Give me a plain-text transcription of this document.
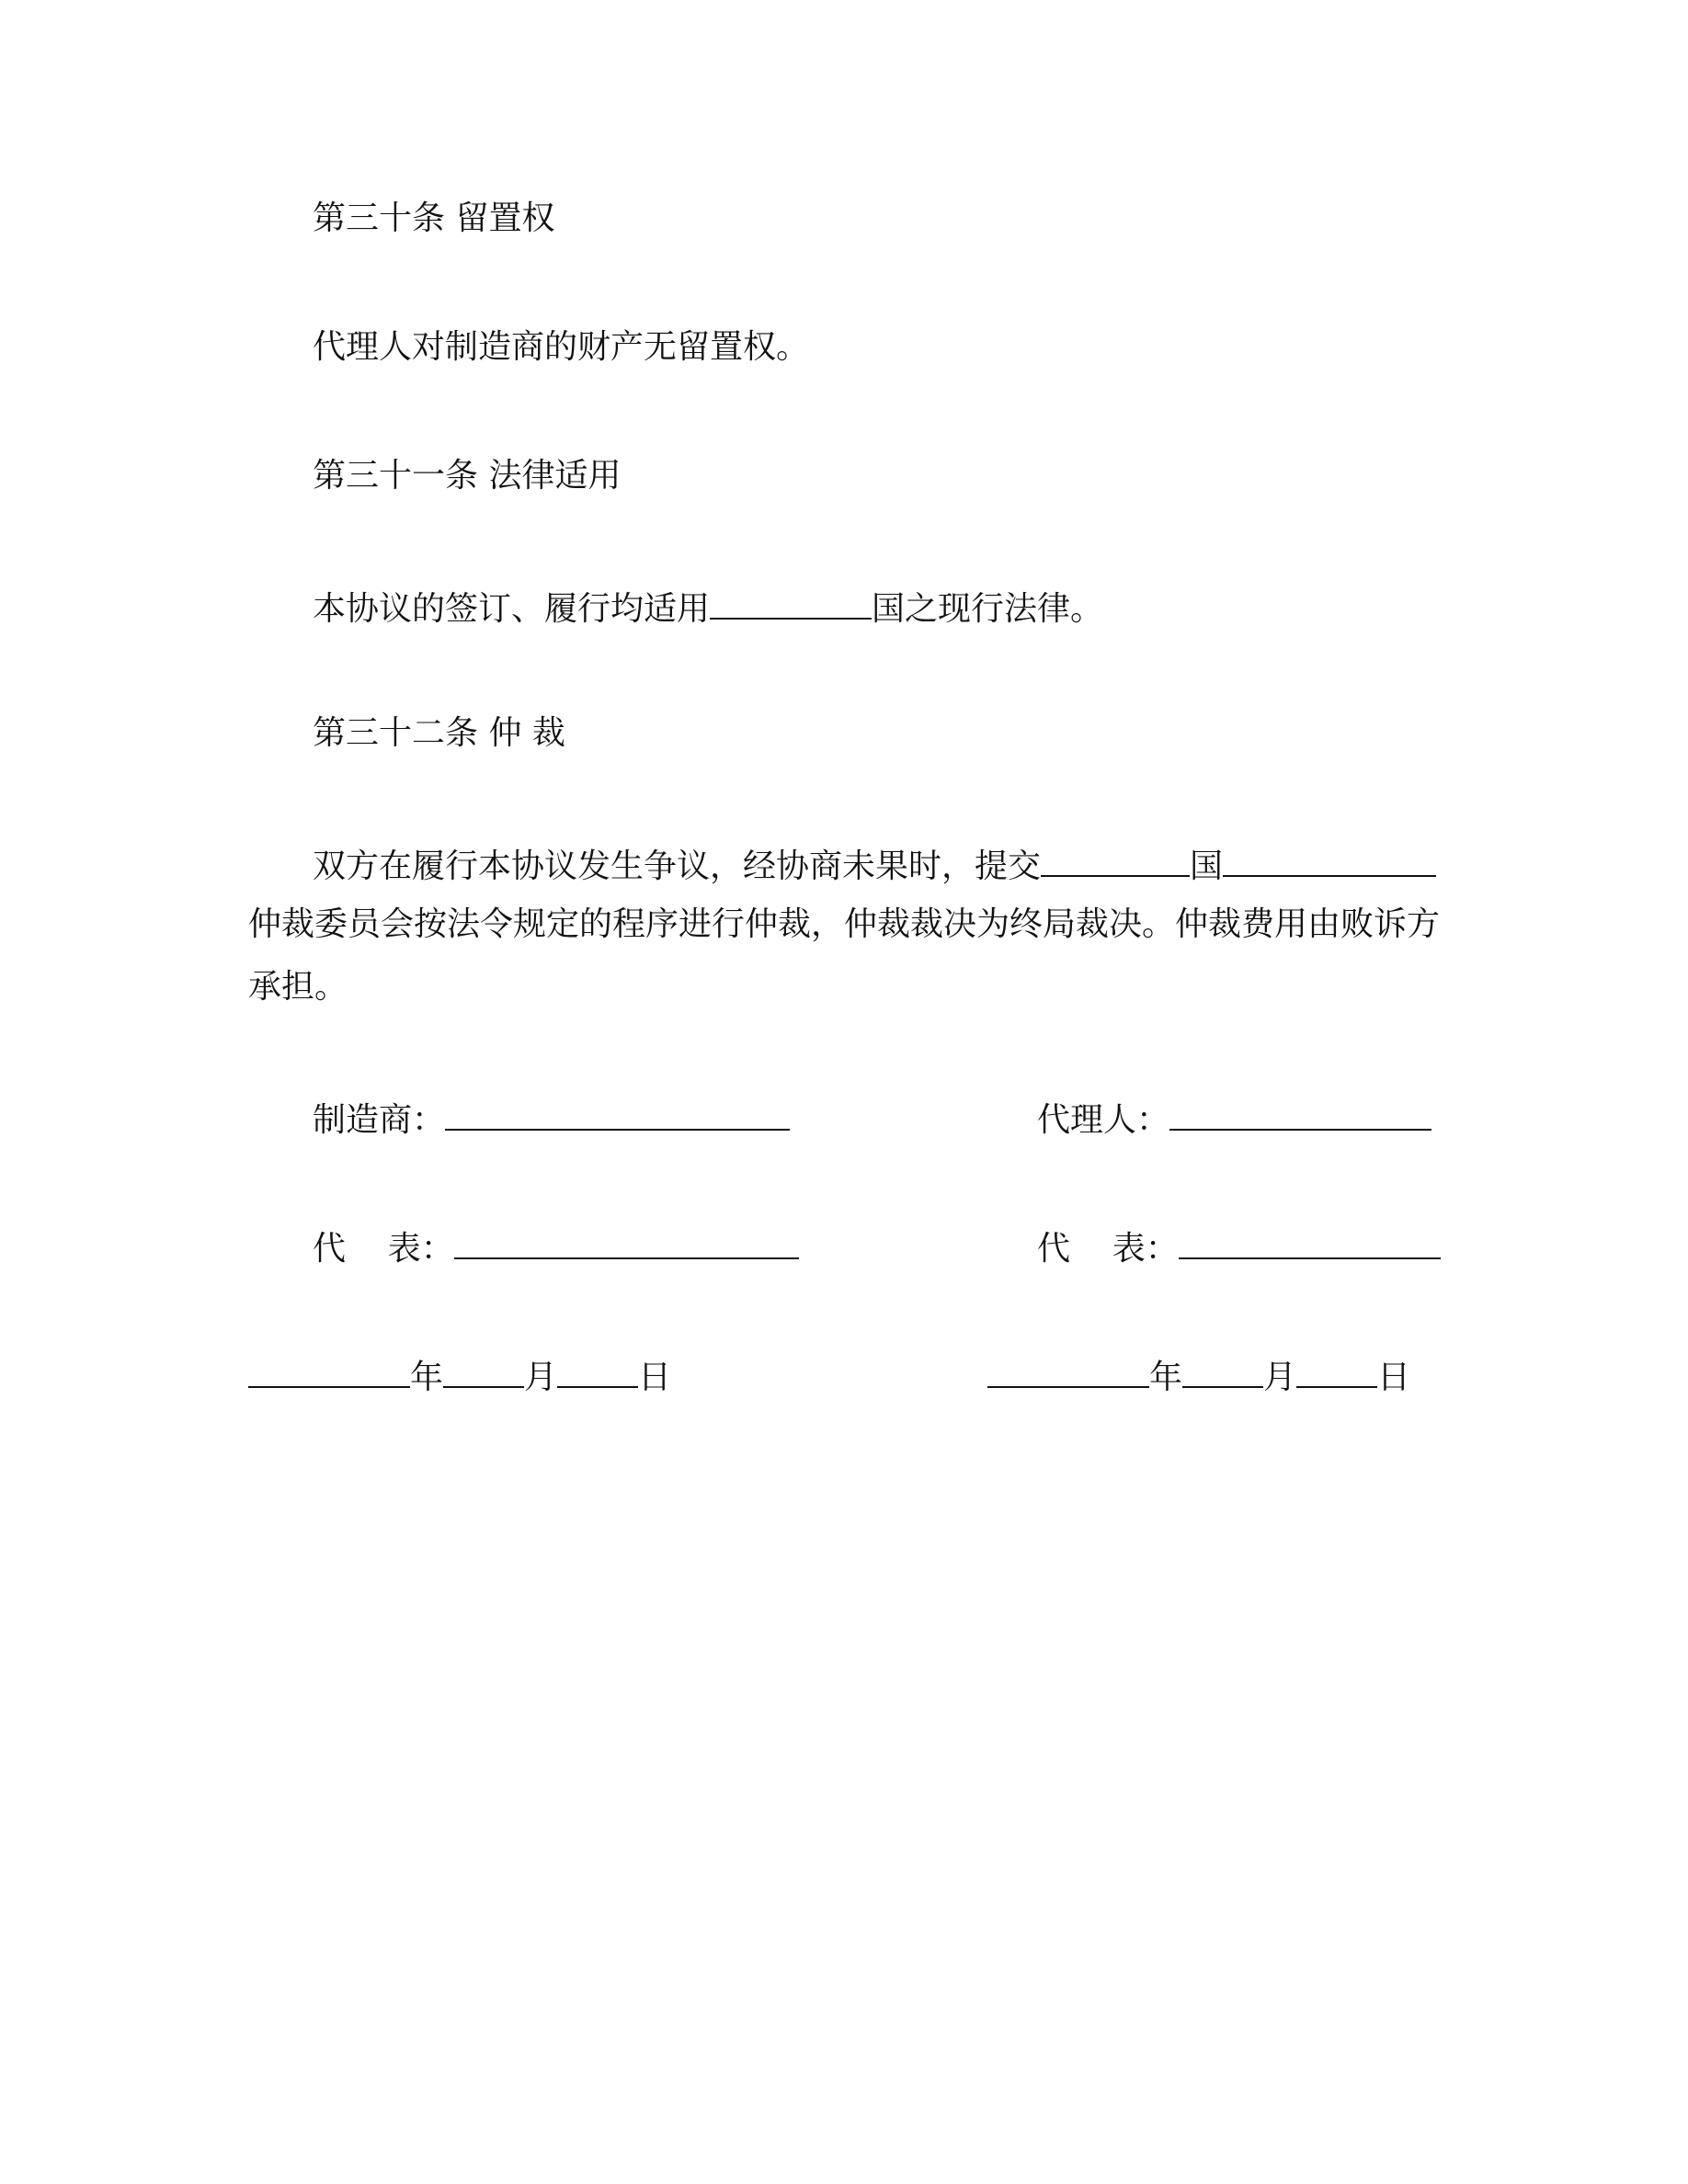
第三十条 留置权
代理人对制造商的财产无留置权。
第三十一条 法律适用
本协议的签订、履行均适用	国之现行法律。
第三十二条 仲 裁
双方在履行本协议发生争议，经协商未果时，提交	国
仲裁委员会按法令规定的程序进行仲裁，仲裁裁决为终局裁决。仲裁费用由败诉方
承担。
制造商：	代理人：
代    表：	代    表：
年 月 日	年 月 日
